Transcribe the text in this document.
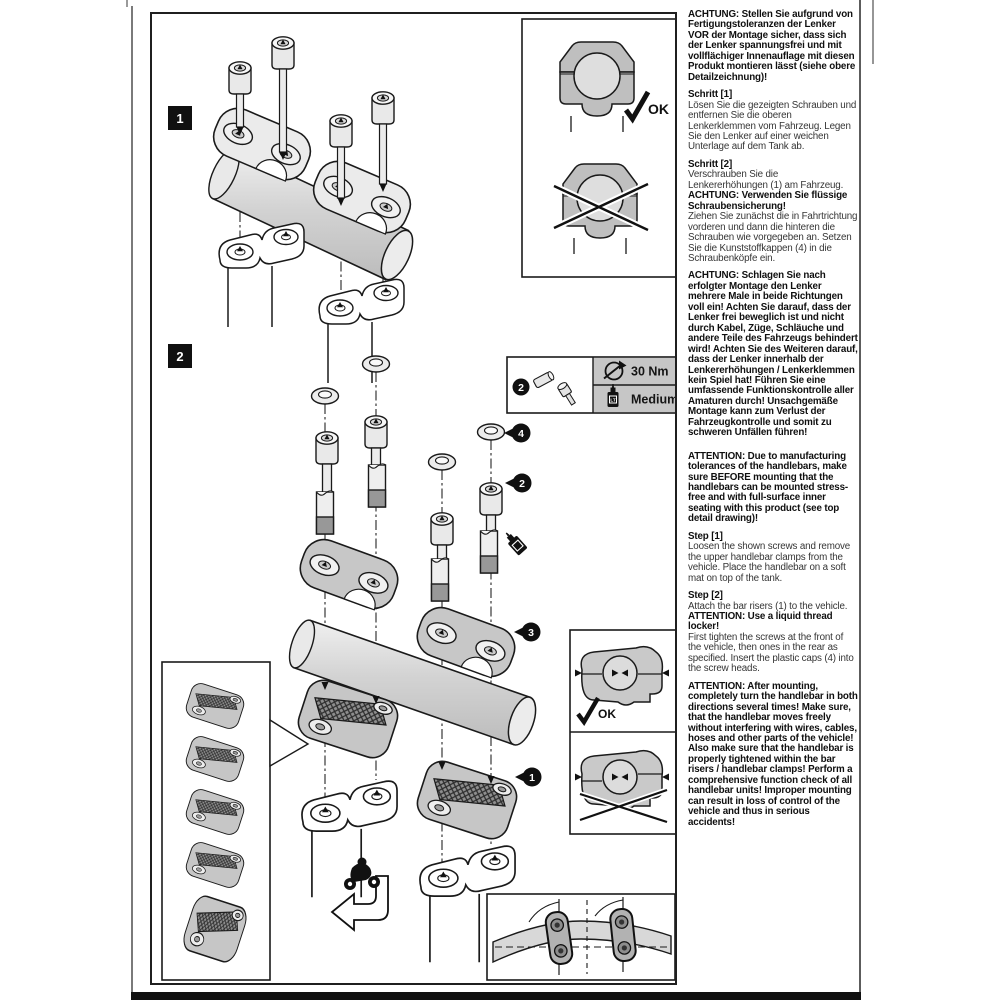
1
OK
2
30 Nm
LT Medium
2
4
2
3
1
OK

ACHTUNG: Stellen Sie aufgrund von Fertigungstoleranzen der Lenker VOR der Montage sicher, dass sich der Lenker spannungsfrei und mit vollflächiger Innenauflage mit diesen Produkt montieren lässt (siehe obere Detailzeichnung)!

Schritt [1]

Lösen Sie die gezeigten Schrauben und entfernen Sie die oberen Lenkerklemmen vom Fahrzeug. Legen Sie den Lenker auf einer weichen Unterlage auf dem Tank ab.

Schritt [2]

Verschrauben Sie die Lenkererhöhungen (1) am Fahrzeug.

ACHTUNG: Verwenden Sie flüssige Schraubensicherung!

Ziehen Sie zunächst die in Fahrtrichtung vorderen und dann die hinteren die Schrauben wie vorgegeben an. Setzen Sie die Kunststoffkappen (4) in die Schraubenköpfe ein.

ACHTUNG: Schlagen Sie nach erfolgter Montage den Lenker mehrere Male in beide Richtungen voll ein! Achten Sie darauf, dass der Lenker frei beweglich ist und nicht durch Kabel, Züge, Schläuche und andere Teile des Fahrzeugs behindert wird! Achten Sie des Weiteren darauf, dass der Lenker innerhalb der Lenkererhöhungen / Lenkerklemmen kein Spiel hat! Führen Sie eine umfassende Funktionskontrolle aller Amaturen durch! Unsachgemäße Montage kann zum Verlust der Fahrzeugkontrolle und somit zu schweren Unfällen führen!

ATTENTION: Due to manufacturing tolerances of the handlebars, make sure BEFORE mounting that the handlebars can be mounted stress-free and with full-surface inner seating with this product (see top detail drawing)!

Step [1]

Loosen the shown screws and remove the upper handlebar clamps from the vehicle. Place the handlebar on a soft mat on top of the tank.

Step [2]

Attach the bar risers (1) to the vehicle.

ATTENTION: Use a liquid thread locker!

First tighten the screws at the front of the vehicle, then ones in the rear as specified. Insert the plastic caps (4) into the screw heads.

ATTENTION: After mounting, completely turn the handlebar in both directions several times! Make sure, that the handlebar moves freely without interfering with wires, cables, hoses and other parts of the vehicle! Also make sure that the handlebar is properly tightened within the bar risers / handlebar clamps! Perform a comprehensive function check of all handlebar units! Improper mounting can result in loss of control of the vehicle and thus in serious accidents!
